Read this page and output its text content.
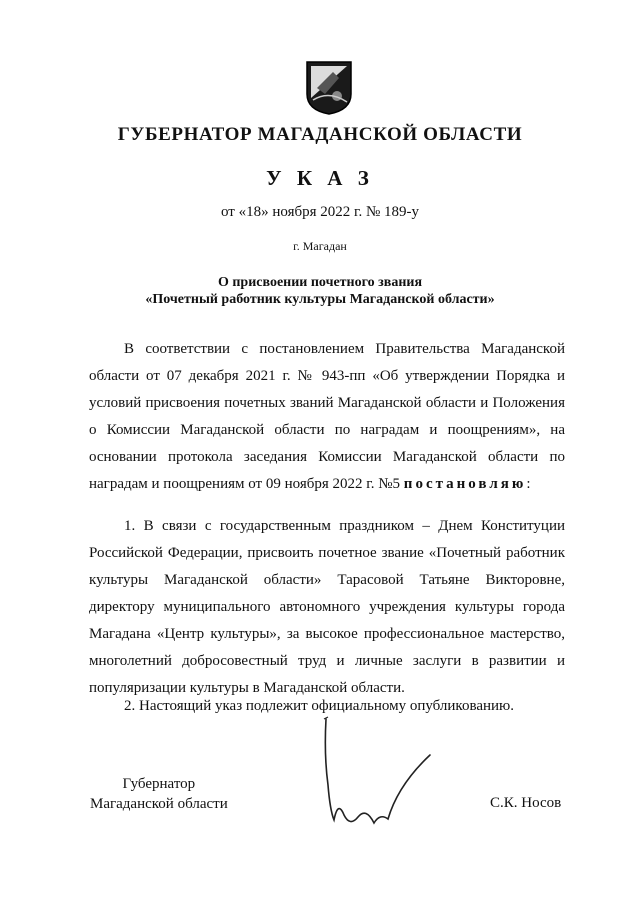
ГУБЕРНАТОР МАГАДАНСКОЙ ОБЛАСТИ
У К А З
от «18» ноября 2022 г. № 189-у
г. Магадан
О присвоении почетного звания
«Почетный работник культуры Магаданской области»

В соответствии с постановлением Правительства Магаданской области от 07 декабря 2021 г. № 943-пп «Об утверждении Порядка и условий присвоения почетных званий Магаданской области и Положения о Комиссии Магаданской области по наградам и поощрениям», на основании протокола заседания Комиссии Магаданской области по наградам и поощрениям от 09 ноября 2022 г. №5 постановляю:

1. В связи с государственным праздником – Днем Конституции Российской Федерации, присвоить почетное звание «Почетный работник культуры Магаданской области» Тарасовой Татьяне Викторовне, директору муниципального автономного учреждения культуры города Магадана «Центр культуры», за высокое профессиональное мастерство, многолетний добросовестный труд и личные заслуги в развитии и популяризации культуры в Магаданской области.

2. Настоящий указ подлежит официальному опубликованию.

Губернатор
Магаданской области	С.К. Носов
